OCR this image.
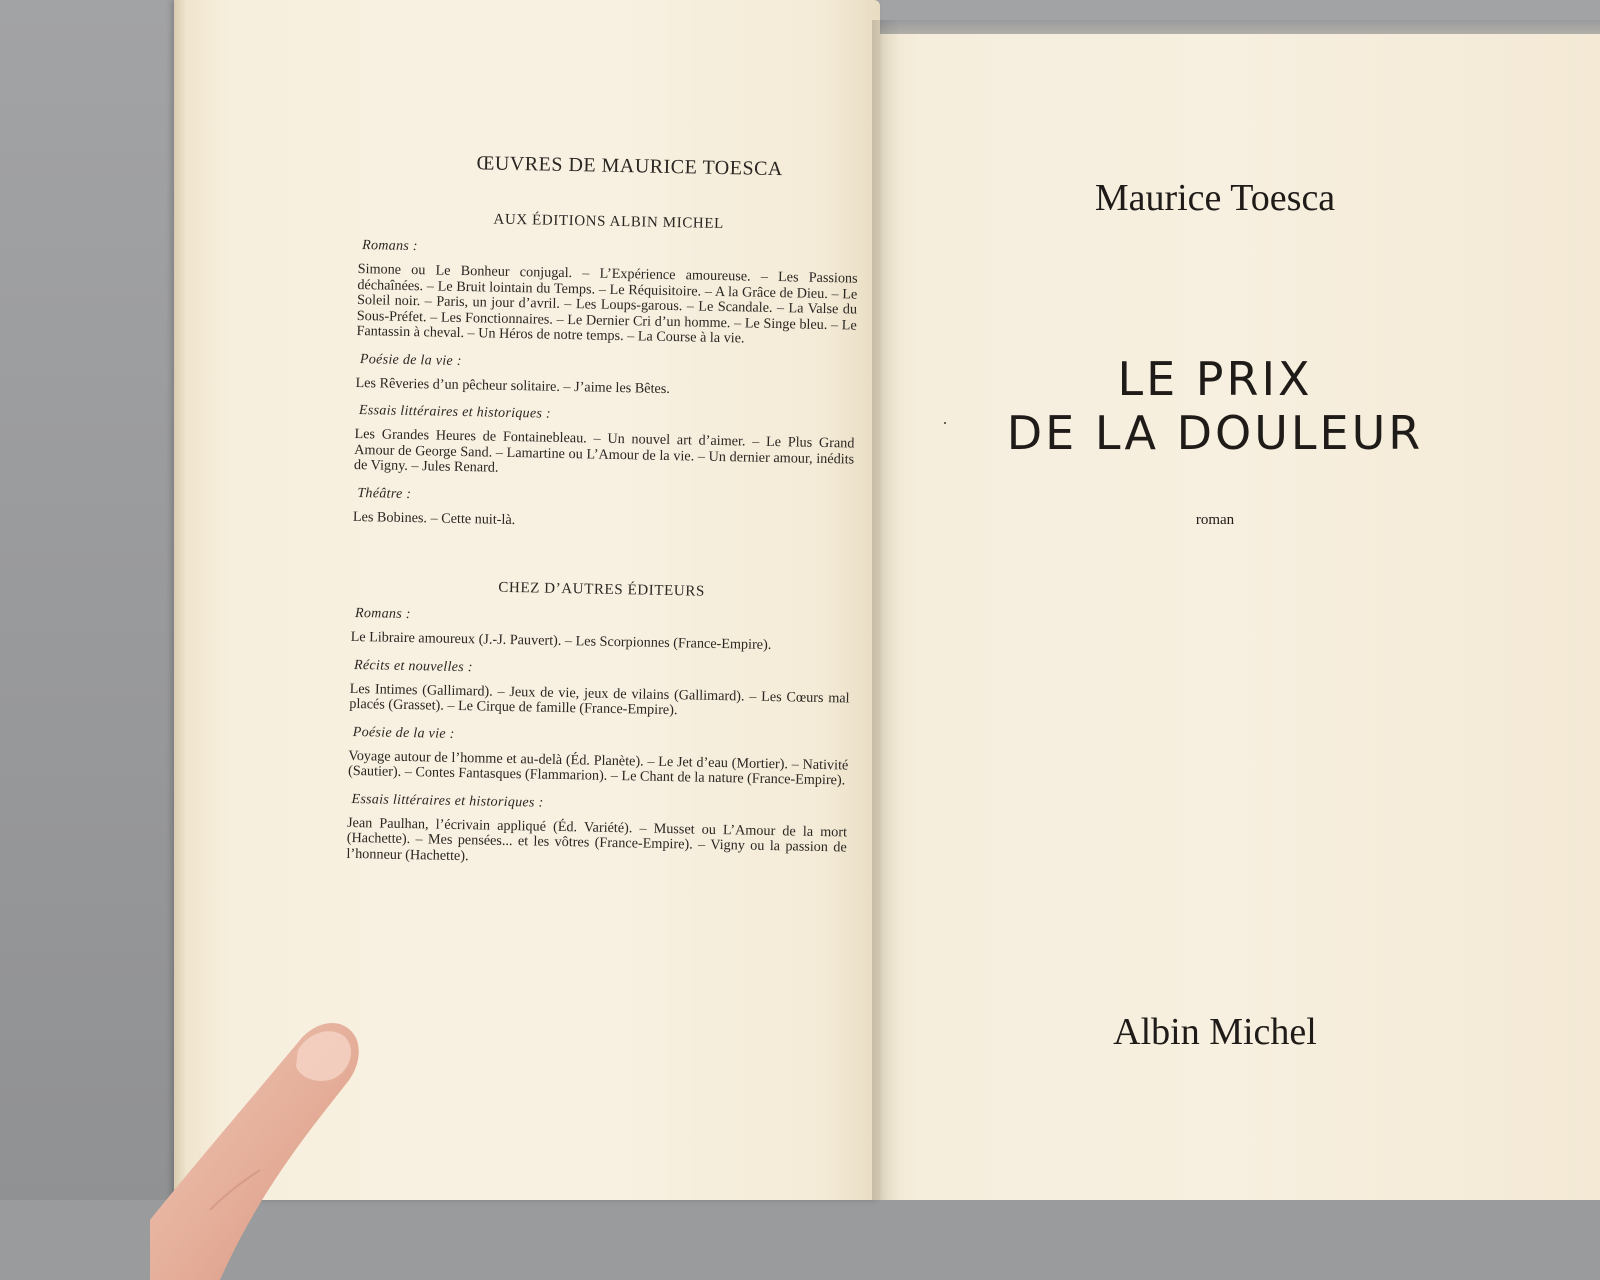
ŒUVRES DE MAURICE TOESCA
AUX ÉDITIONS ALBIN MICHEL
Romans :

Simone ou Le Bonheur conjugal. – L’Expérience amoureuse. – Les Passions déchaînées. – Le Bruit lointain du Temps. – Le Réquisitoire. – A la Grâce de Dieu. – Le Soleil noir. – Paris, un jour d’avril. – Les Loups-garous. – Le Scandale. – La Valse du Sous-Préfet. – Les Fonctionnaires. – Le Dernier Cri d’un homme. – Le Singe bleu. – Le Fantassin à cheval. – Un Héros de notre temps. – La Course à la vie.

Poésie de la vie :

Les Rêveries d’un pêcheur solitaire. – J’aime les Bêtes.

Essais littéraires et historiques :

Les Grandes Heures de Fontainebleau. – Un nouvel art d’aimer. – Le Plus Grand Amour de George Sand. – Lamartine ou L’Amour de la vie. – Un dernier amour, inédits de Vigny. – Jules Renard.

Théâtre :

Les Bobines. – Cette nuit-là.

CHEZ D’AUTRES ÉDITEURS
Romans :

Le Libraire amoureux (J.-J. Pauvert). – Les Scorpionnes (France-Empire).

Récits et nouvelles :

Les Intimes (Gallimard). – Jeux de vie, jeux de vilains (Gallimard). – Les Cœurs mal placés (Grasset). – Le Cirque de famille (France-Empire).

Poésie de la vie :

Voyage autour de l’homme et au-delà (Éd. Planète). – Le Jet d’eau (Mortier). – Nativité (Sautier). – Contes Fantasques (Flammarion). – Le Chant de la nature (France-Empire).

Essais littéraires et historiques :

Jean Paulhan, l’écrivain appliqué (Éd. Variété). – Musset ou L’Amour de la mort (Hachette). – Mes pensées... et les vôtres (France-Empire). – Vigny ou la passion de l’honneur (Hachette).

Maurice Toesca
LE PRIX
DE LA DOULEUR
roman
Albin Michel
